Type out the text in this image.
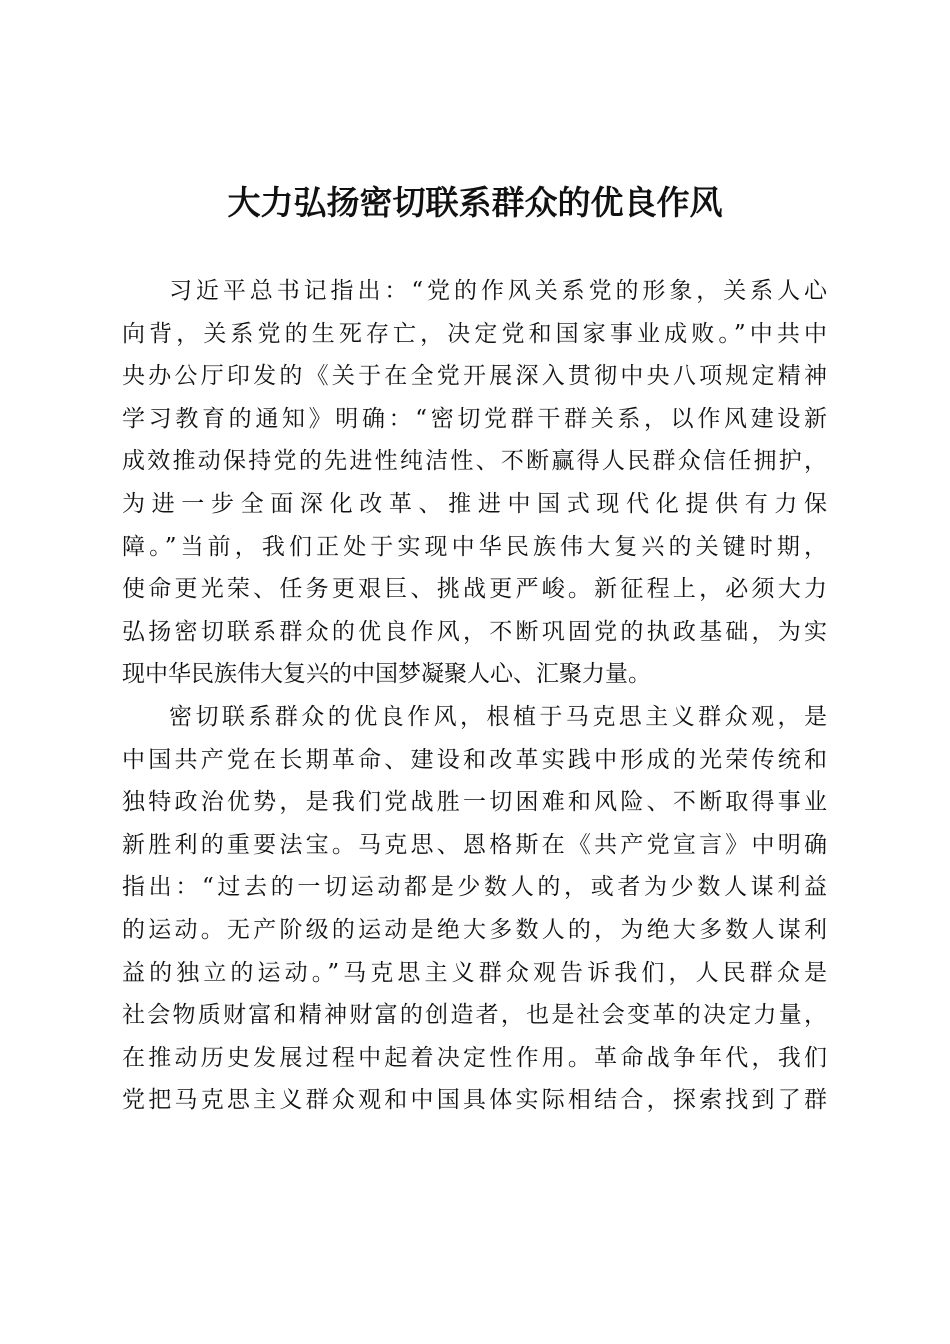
大力弘扬密切联系群众的优良作风
习近平总书记指出：“党的作风关系党的形象，关系人心
向背，关系党的生死存亡，决定党和国家事业成败。”中共中
央办公厅印发的《关于在全党开展深入贯彻中央八项规定精神
学习教育的通知》明确：“密切党群干群关系，以作风建设新
成效推动保持党的先进性纯洁性、不断赢得人民群众信任拥护，
为进一步全面深化改革、推进中国式现代化提供有力保
障。”当前，我们正处于实现中华民族伟大复兴的关键时期，
使命更光荣、任务更艰巨、挑战更严峻。新征程上，必须大力
弘扬密切联系群众的优良作风，不断巩固党的执政基础，为实
现中华民族伟大复兴的中国梦凝聚人心、汇聚力量。
密切联系群众的优良作风，根植于马克思主义群众观，是
中国共产党在长期革命、建设和改革实践中形成的光荣传统和
独特政治优势，是我们党战胜一切困难和风险、不断取得事业
新胜利的重要法宝。马克思、恩格斯在《共产党宣言》中明确
指出：“过去的一切运动都是少数人的，或者为少数人谋利益
的运动。无产阶级的运动是绝大多数人的，为绝大多数人谋利
益的独立的运动。”马克思主义群众观告诉我们，人民群众是
社会物质财富和精神财富的创造者，也是社会变革的决定力量，
在推动历史发展过程中起着决定性作用。革命战争年代，我们
党把马克思主义群众观和中国具体实际相结合，探索找到了群
